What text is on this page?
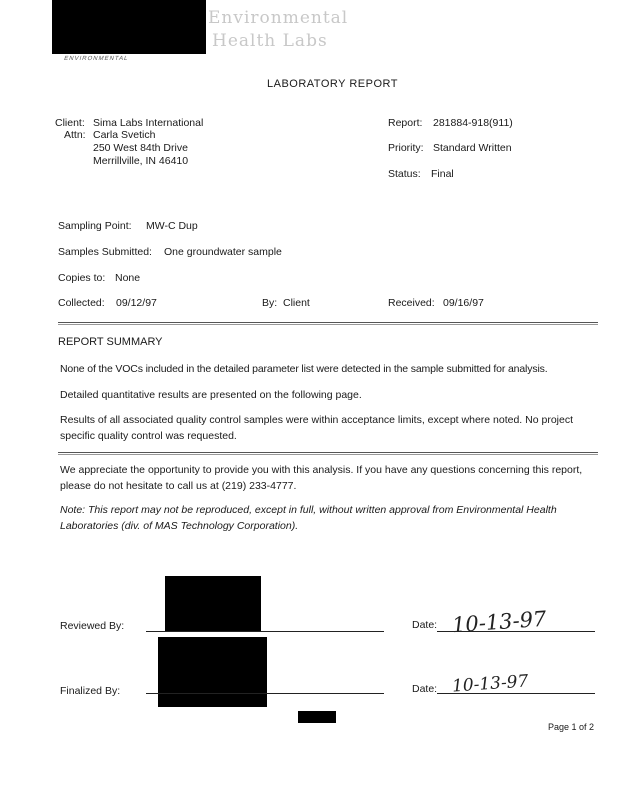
Environmental
Health Labs
ENVIRONMENTAL
LABORATORY REPORT
Client: Sima Labs International
Attn: Carla Svetich
250 West 84th Drive
Merrillville, IN 46410
Report: 281884-918(911)
Priority: Standard Written
Status: Final
Sampling Point: MW-C Dup
Samples Submitted: One groundwater sample
Copies to: None
Collected: 09/12/97	By: Client	Received: 09/16/97
REPORT SUMMARY
None of the VOCs included in the detailed parameter list were detected in the sample submitted for analysis.
Detailed quantitative results are presented on the following page.
Results of all associated quality control samples were within acceptance limits, except where noted. No project specific quality control was requested.
We appreciate the opportunity to provide you with this analysis. If you have any questions concerning this report, please do not hesitate to call us at (219) 233-4777.
Note: This report may not be reproduced, except in full, without written approval from Environmental Health Laboratories (div. of MAS Technology Corporation).
Reviewed By:	Date: 10-13-97
Finalized By:	Date: 10-13-97
Page 1 of 2
